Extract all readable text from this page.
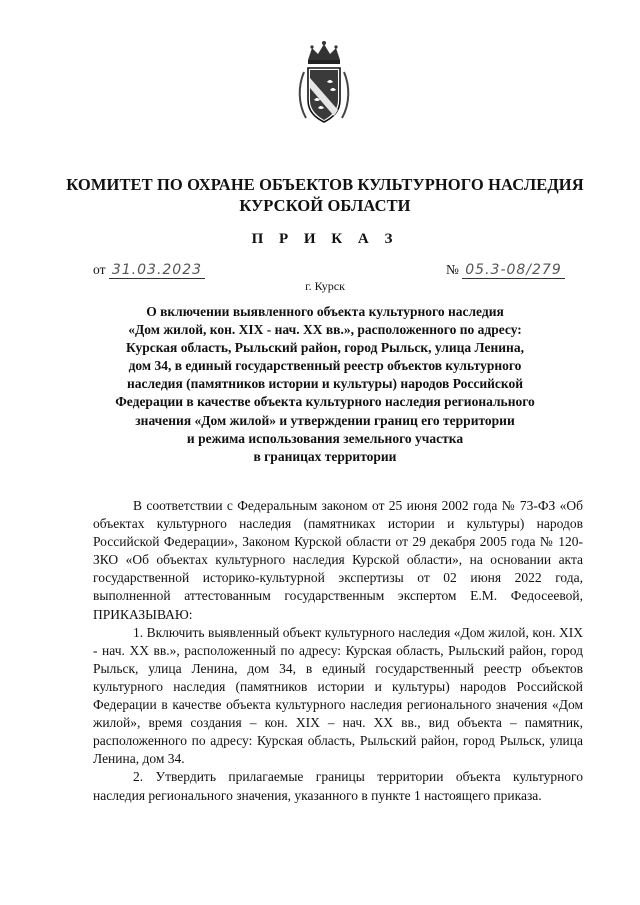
КОМИТЕТ ПО ОХРАНЕ ОБЪЕКТОВ КУЛЬТУРНОГО НАСЛЕДИЯ
КУРСКОЙ ОБЛАСТИ
П Р И К А З
от 31.03.2023	№ 05.3-08/279
г. Курск
О включении выявленного объекта культурного наследия
«Дом жилой, кон. XIX - нач. XX вв.», расположенного по адресу:
Курская область, Рыльский район, город Рыльск, улица Ленина,
дом 34, в единый государственный реестр объектов культурного
наследия (памятников истории и культуры) народов Российской
Федерации в качестве объекта культурного наследия регионального
значения «Дом жилой» и утверждении границ его территории
и режима использования земельного участка
в границах территории

В соответствии с Федеральным законом от 25 июня 2002 года № 73-ФЗ «Об объектах культурного наследия (памятниках истории и культуры) народов Российской Федерации», Законом Курской области от 29 декабря 2005 года № 120-ЗКО «Об объектах культурного наследия Курской области», на основании акта государственной историко-культурной экспертизы от 02 июня 2022 года, выполненной аттестованным государственным экспертом Е.М. Федосеевой, ПРИКАЗЫВАЮ:

1. Включить выявленный объект культурного наследия «Дом жилой, кон. XIX - нач. XX вв.», расположенный по адресу: Курская область, Рыльский район, город Рыльск, улица Ленина, дом 34, в единый государственный реестр объектов культурного наследия (памятников истории и культуры) народов Российской Федерации в качестве объекта культурного наследия регионального значения «Дом жилой», время создания – кон. XIX – нач. XX вв., вид объекта – памятник, расположенного по адресу: Курская область, Рыльский район, город Рыльск, улица Ленина, дом 34.

2. Утвердить прилагаемые границы территории объекта культурного наследия регионального значения, указанного в пункте 1 настоящего приказа.
